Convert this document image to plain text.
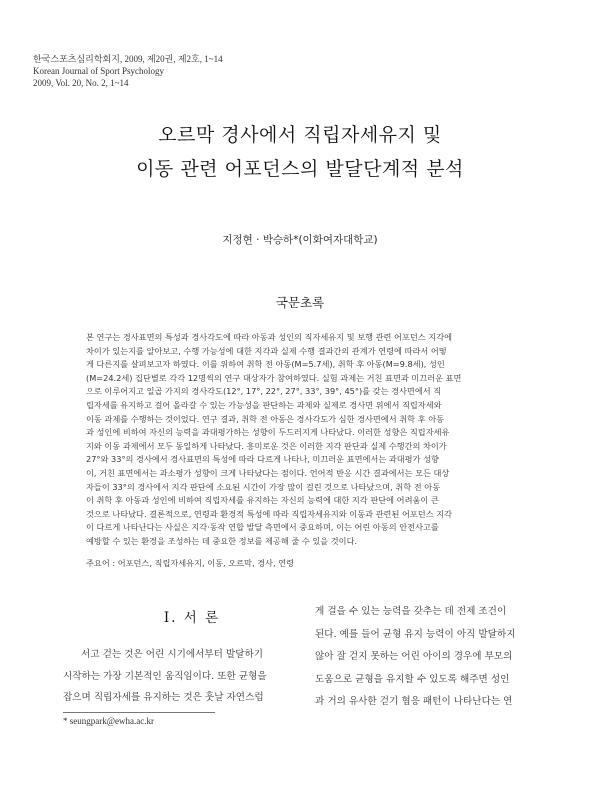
한국스포츠심리학회지, 2009, 제20권, 제2호, 1~14
Korean Journal of Sport Psychology
2009, Vol. 20, No. 2, 1~14
오르막 경사에서 직립자세유지 및
이동 관련 어포던스의 발달단계적 분석
지정현 · 박승하*(이화여자대학교)
국문초록
본 연구는 경사표면의 특성과 경사각도에 따라 아동과 성인의 직자세유지 및 보행 관련 어포던스 지각에
차이가 있는지를 알아보고, 수행 가능성에 대한 지각과 실제 수행 결과간의 관계가 연령에 따라서 어떻
게 다른지를 살펴보고자 하였다. 이를 위하여 취학 전 아동(M=5.7세), 취학 후 아동(M=9.8세), 성인
(M=24.2세) 집단별로 각각 12명씩의 연구 대상자가 참여하였다. 실험 과제는 거친 표면과 미끄러운 표면
으로 이루어지고 일곱 가지의 경사각도(12°, 17°, 22°, 27°, 33°, 39°, 45°)를 갖는 경사면에서 직
립자세를 유지하고 걸어 올라갈 수 있는 가능성을 판단하는 과제와 실제로 경사면 위에서 직립자세와
이동 과제를 수행하는 것이었다. 연구 결과, 취학 전 아동은 경사각도가 심한 경사면에서 취학 후 아동
과 성인에 비하여 자신의 능력을 과대평가하는 성향이 두드러지게 나타났다. 이러한 성향은 직립자세유
지와 이동 과제에서 모두 동일하게 나타났다. 흥미로운 것은 이러한 지각 판단과 실제 수행간의 차이가
27°와 33°의 경사에서 경사표면의 특성에 따라 다르게 나타나, 미끄러운 표면에서는 과대평가 성향
이, 거친 표면에서는 과소평가 성향이 크게 나타났다는 점이다. 언어적 반응 시간 결과에서는 모든 대상
자들이 33°의 경사에서 지각 판단에 소요된 시간이 가장 많이 걸린 것으로 나타났으며, 취학 전 아동
이 취학 후 아동과 성인에 비하여 직립자세를 유지하는 자신의 능력에 대한 지각 판단에 어려움이 큰
것으로 나타났다. 결론적으로, 연령과 환경적 특성에 따라 직립자세유지와 이동과 관련된 어포던스 지각
이 다르게 나타난다는 사실은 지각·동작 연합 발달 측면에서 중요하며, 이는 어린 아동의 안전사고를
예방할 수 있는 환경을 조성하는 데 중요한 정보를 제공해 줄 수 있을 것이다.
주요어 : 어포던스, 직립자세유지, 이동, 오르막, 경사, 연령
Ⅰ. 서 론
서고 걷는 것은 어린 시기에서부터 발달하기
시작하는 가장 기본적인 움직임이다. 또한 균형을
잡으며 직립자세를 유지하는 것은 훗날 자연스럽
게 걸을 수 있는 능력을 갖추는 데 전제 조건이
된다. 예를 들어 균형 유지 능력이 아직 발달하지
않아 잘 걷지 못하는 어린 아이의 경우에 부모의
도움으로 균형을 유지할 수 있도록 해주면 성인
과 거의 유사한 걷기 협응 패턴이 나타난다는 연
* seungpark@ewha.ac.kr
